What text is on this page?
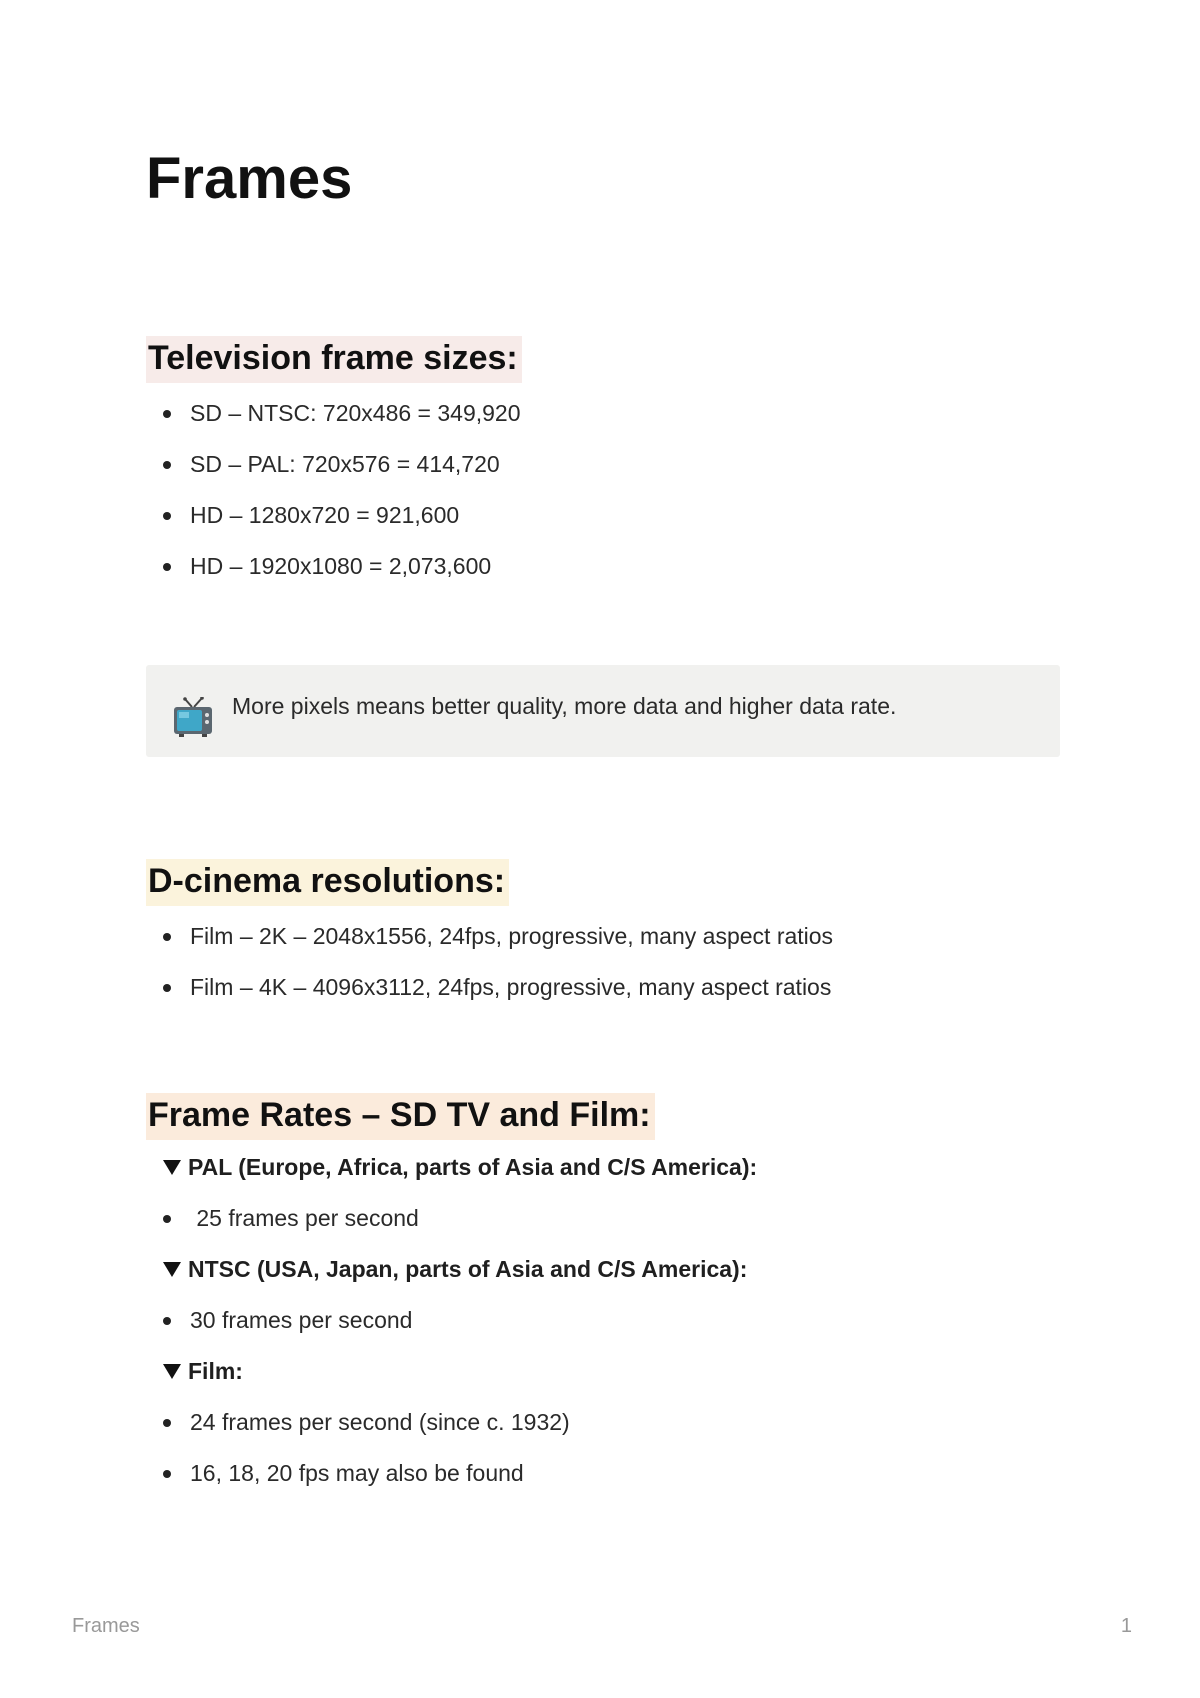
Frames
Television frame sizes:
SD – NTSC: 720x486 = 349,920
SD – PAL: 720x576 = 414,720
HD – 1280x720 = 921,600
HD – 1920x1080 = 2,073,600
More pixels means better quality, more data and higher data rate.
D-cinema resolutions:
Film – 2K – 2048x1556, 24fps, progressive, many aspect ratios
Film – 4K – 4096x3112, 24fps, progressive, many aspect ratios
Frame Rates – SD TV and Film:
PAL (Europe, Africa, parts of Asia and C/S America):
25 frames per second
NTSC (USA, Japan, parts of Asia and C/S America):
30 frames per second
Film:
24 frames per second (since c. 1932)
16, 18, 20 fps may also be found
Frames	1
